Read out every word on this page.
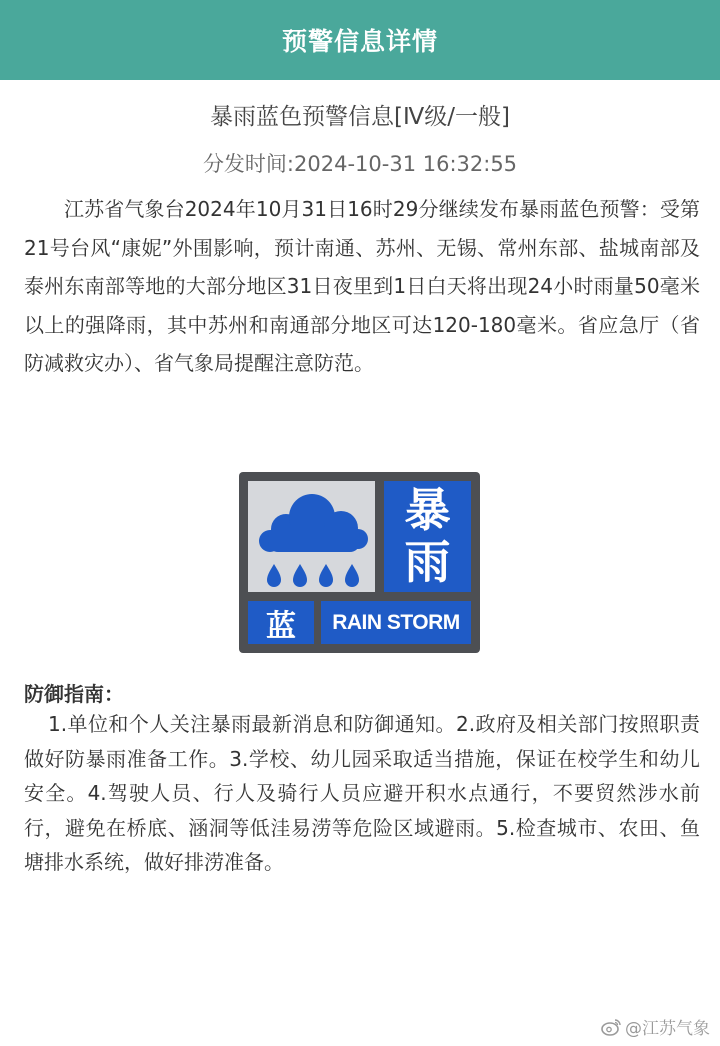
预警信息详情
暴雨蓝色预警信息[Ⅳ级/一般]
分发时间:2024-10-31 16:32:55

江苏省气象台2024年10月31日16时29分继续发布暴雨蓝色预警：受第21号台风“康妮”外围影响，预计南通、苏州、无锡、常州东部、盐城南部及泰州东南部等地的大部分地区31日夜里到1日白天将出现24小时雨量50毫米以上的强降雨，其中苏州和南通部分地区可达120-180毫米。省应急厅（省防减救灾办）、省气象局提醒注意防范。

暴雨
蓝	RAIN STORM
防御指南：

1.单位和个人关注暴雨最新消息和防御通知。2.政府及相关部门按照职责做好防暴雨准备工作。3.学校、幼儿园采取适当措施，保证在校学生和幼儿安全。4.驾驶人员、行人及骑行人员应避开积水点通行，不要贸然涉水前行，避免在桥底、涵洞等低洼易涝等危险区域避雨。5.检查城市、农田、鱼塘排水系统，做好排涝准备。

@江苏气象
